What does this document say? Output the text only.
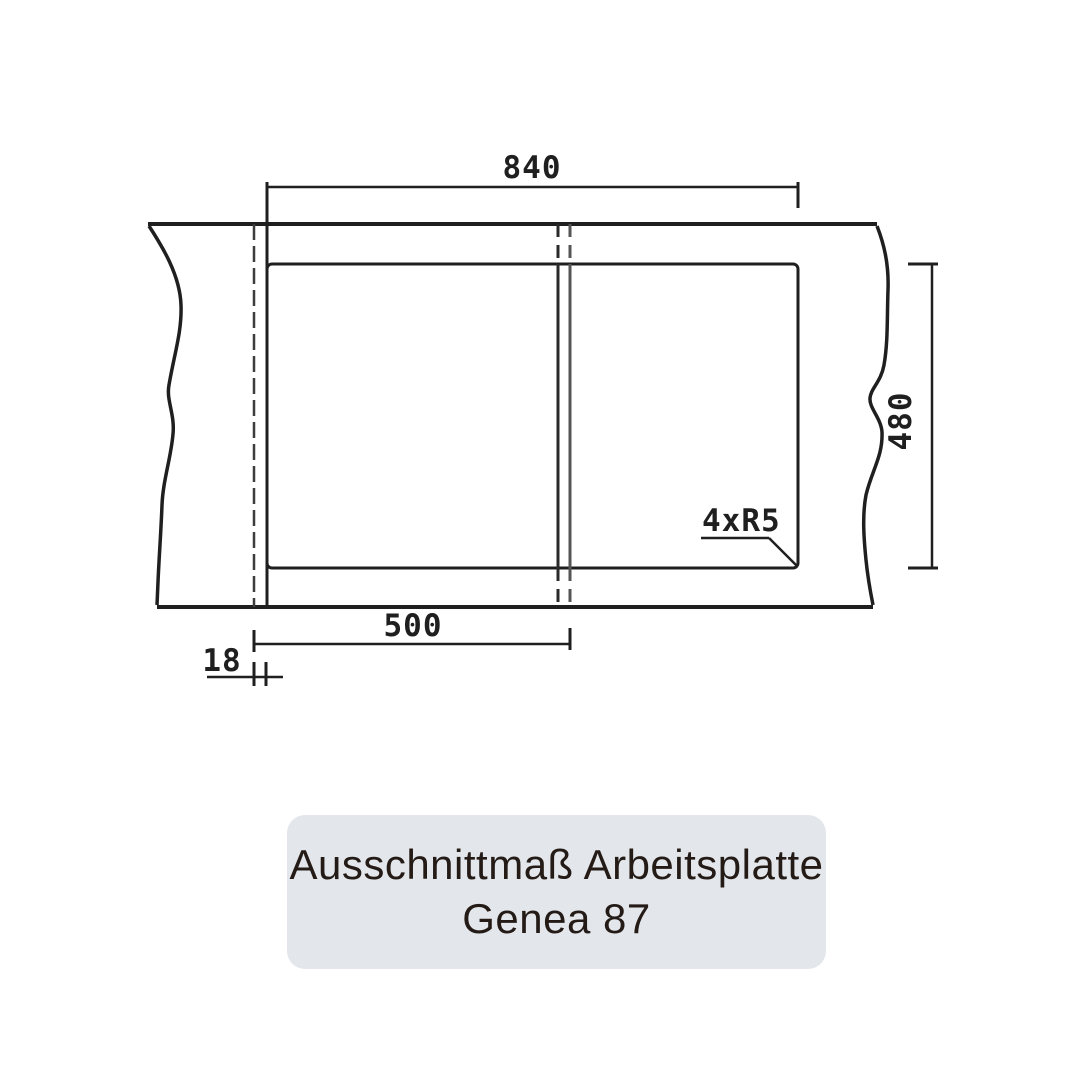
840
480
500
18
4xR5
Ausschnittmaß Arbeitsplatte
Genea 87
